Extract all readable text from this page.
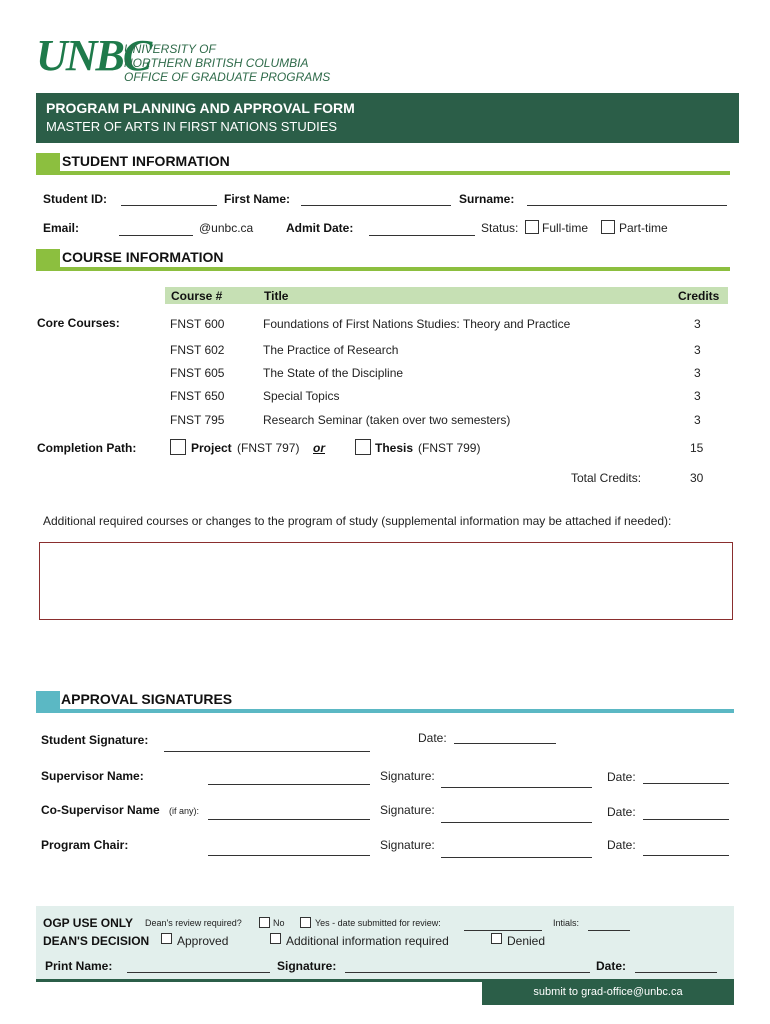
UNBC
UNIVERSITY OF
NORTHERN BRITISH COLUMBIA
OFFICE OF GRADUATE PROGRAMS
PROGRAM PLANNING AND APPROVAL FORM
MASTER OF ARTS IN FIRST NATIONS STUDIES
STUDENT INFORMATION
Student ID:	First Name:	Surname:
Email:	@unbc.ca	Admit Date:	Status: Full-time	Part-time
COURSE INFORMATION
Course #	Title	Credits
Core Courses:	FNST 600	Foundations of First Nations Studies: Theory and Practice	3
FNST 602	The Practice of Research	3
FNST 605	The State of the Discipline	3
FNST 650	Special Topics	3
FNST 795	Research Seminar (taken over two semesters)	3
Completion Path:	Project (FNST 797) or	Thesis (FNST 799)	15
Total Credits:	30
Additional required courses or changes to the program of study (supplemental information may be attached if needed):
APPROVAL SIGNATURES
Student Signature:	Date:
Supervisor Name:	Signature:	Date:
Co-Supervisor Name (if any):	Signature:	Date:
Program Chair:	Signature:	Date:
OGP USE ONLY Dean's review required?	No	Yes - date submitted for review:	Intials:
DEAN'S DECISION Approved	Additional information required	Denied
Print Name:	Signature:	Date:
submit to grad-office@unbc.ca
